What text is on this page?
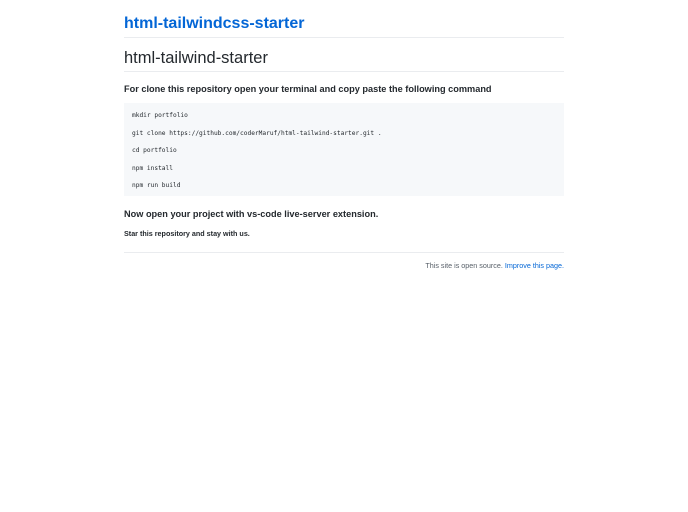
html-tailwindcss-starter
html-tailwind-starter
For clone this repository open your terminal and copy paste the following command
mkdir portfolio
git clone https://github.com/coderMaruf/html-tailwind-starter.git .
cd portfolio
npm install
npm run build
Now open your project with vs-code live-server extension.

Star this repository and stay with us.

This site is open source. Improve this page.
